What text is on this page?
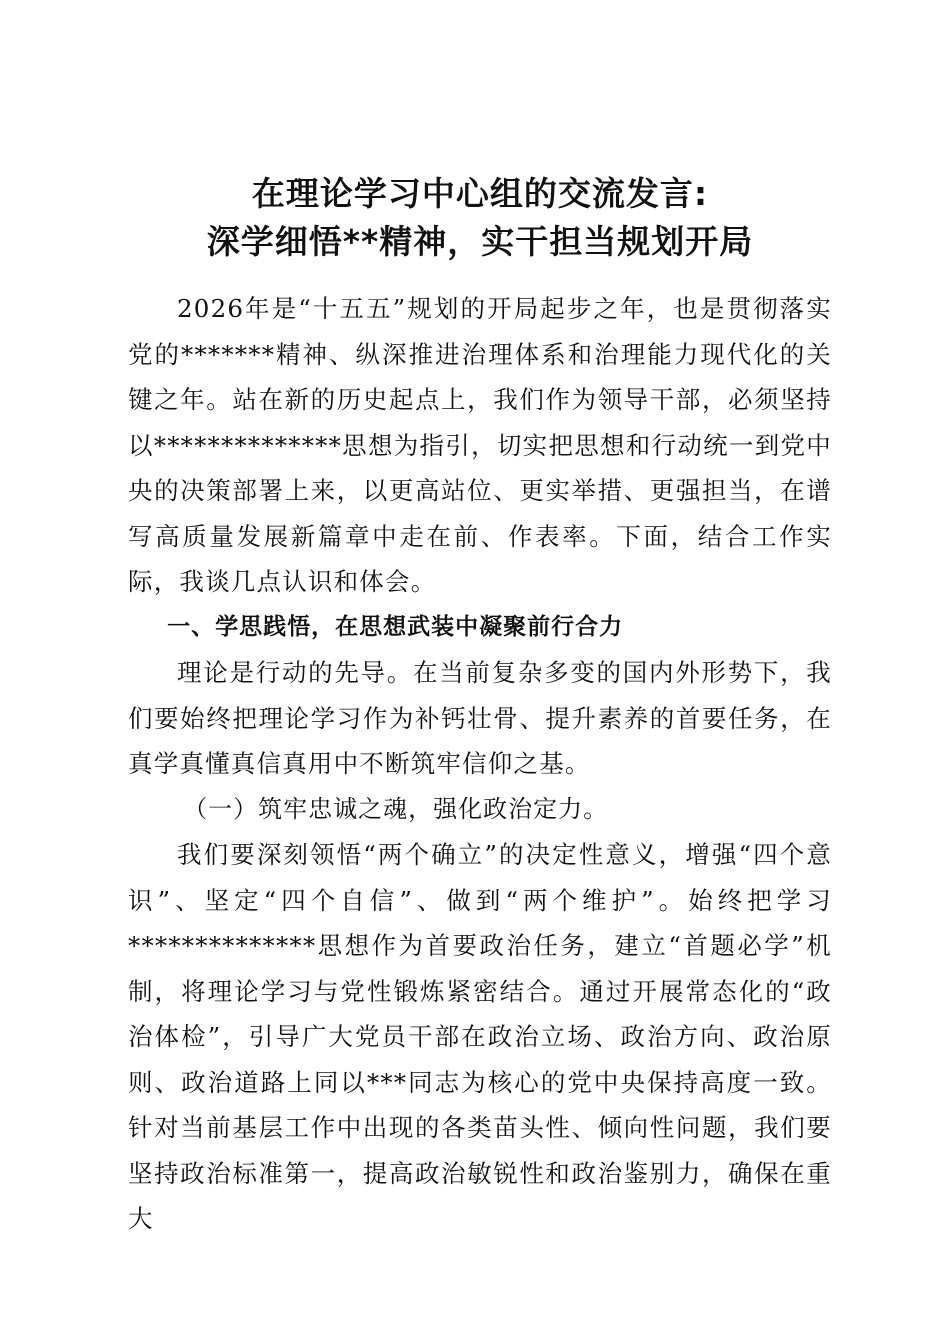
在理论学习中心组的交流发言:
深学细悟**精神，实干担当规划开局

2026年是“十五五”规划的开局起步之年，也是贯彻落实党的*******精神、纵深推进治理体系和治理能力现代化的关键之年。站在新的历史起点上，我们作为领导干部，必须坚持以**************思想为指引，切实把思想和行动统一到党中央的决策部署上来，以更高站位、更实举措、更强担当，在谱写高质量发展新篇章中走在前、作表率。下面，结合工作实际，我谈几点认识和体会。

一、学思践悟，在思想武装中凝聚前行合力

理论是行动的先导。在当前复杂多变的国内外形势下，我们要始终把理论学习作为补钙壮骨、提升素养的首要任务，在真学真懂真信真用中不断筑牢信仰之基。

（一）筑牢忠诚之魂，强化政治定力。

我们要深刻领悟“两个确立”的决定性意义，增强“四个意识”、坚定“四个自信”、做到“两个维护”。始终把学习**************思想作为首要政治任务，建立“首题必学”机制，将理论学习与党性锻炼紧密结合。通过开展常态化的“政治体检”，引导广大党员干部在政治立场、政治方向、政治原则、政治道路上同以***同志为核心的党中央保持高度一致。针对当前基层工作中出现的各类苗头性、倾向性问题，我们要坚持政治标准第一，提高政治敏锐性和政治鉴别力，确保在重大
